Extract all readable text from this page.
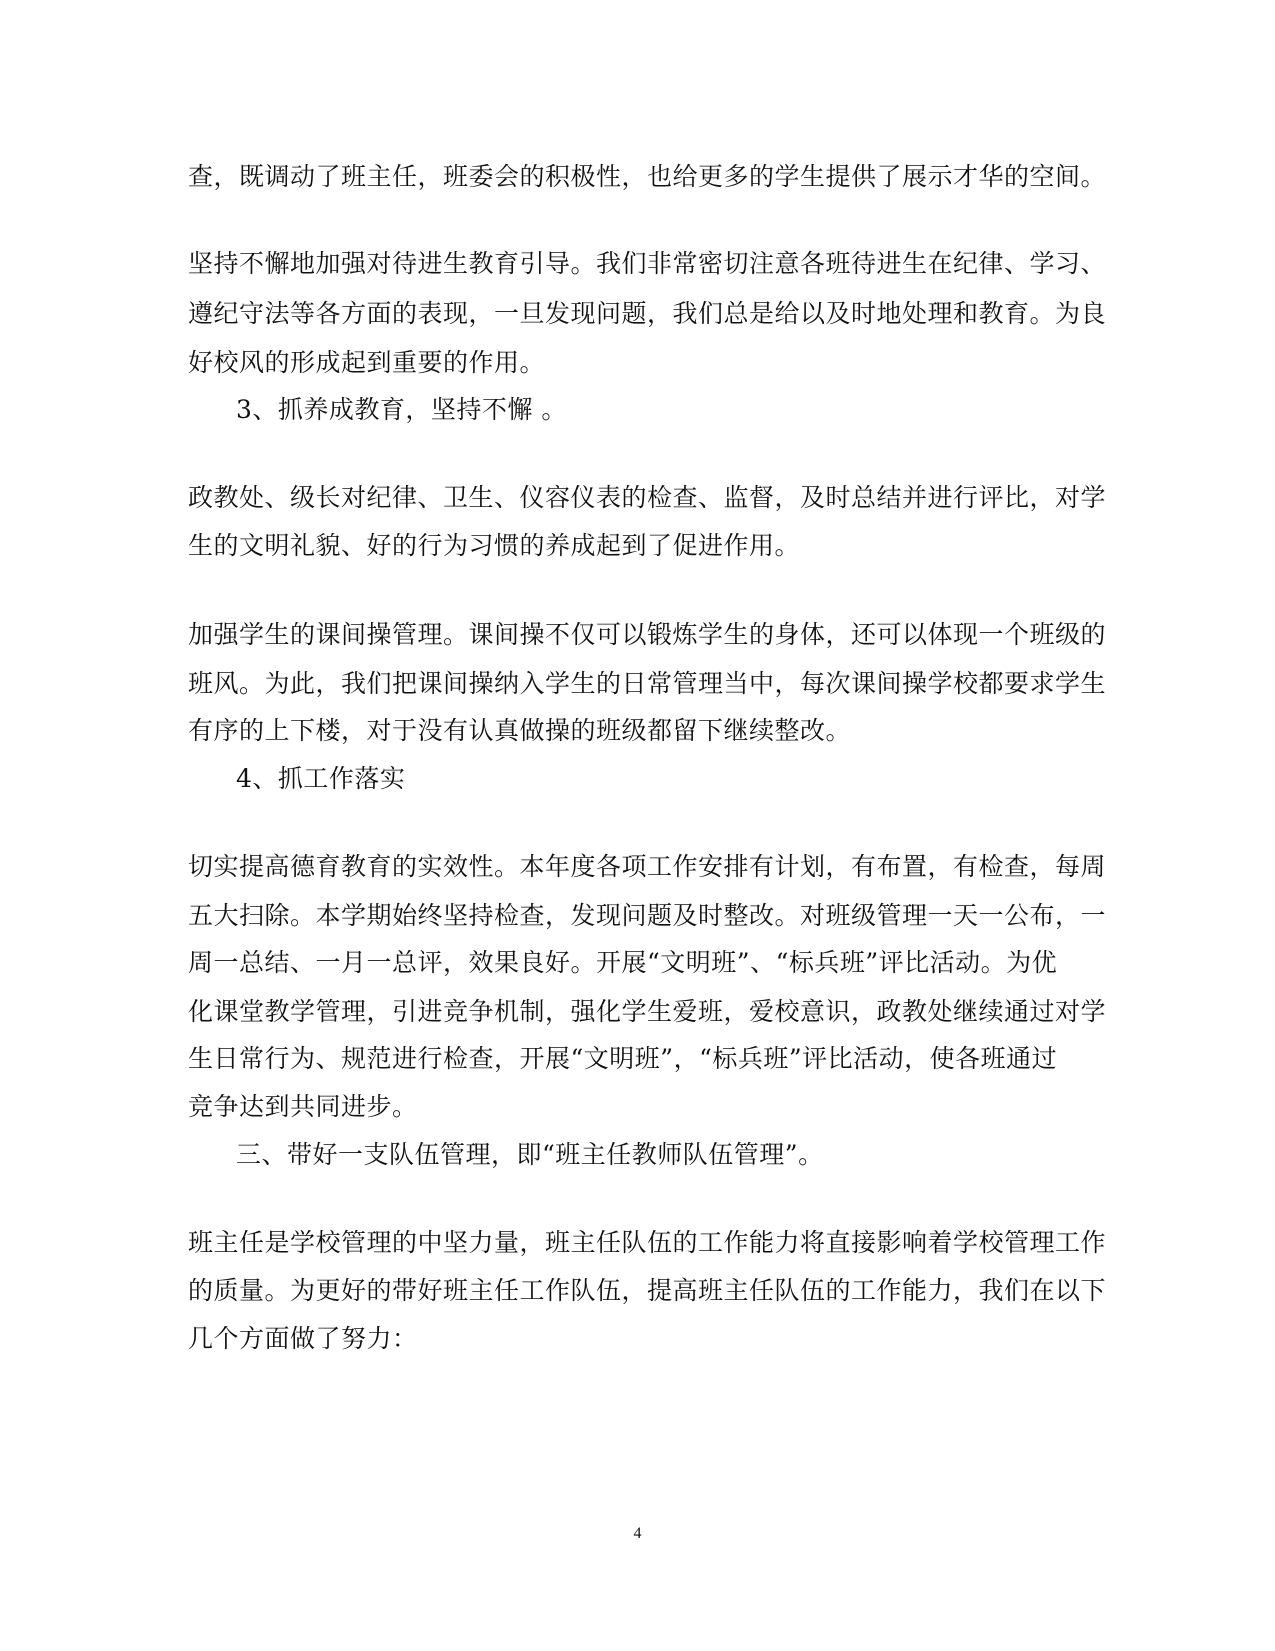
查，既调动了班主任，班委会的积极性，也给更多的学生提供了展示才华的空间。
坚持不懈地加强对待进生教育引导。我们非常密切注意各班待进生在纪律、学习、
遵纪守法等各方面的表现，一旦发现问题，我们总是给以及时地处理和教育。为良
好校风的形成起到重要的作用。
3、抓养成教育，坚持不懈 。
政教处、级长对纪律、卫生、仪容仪表的检查、监督，及时总结并进行评比，对学
生的文明礼貌、好的行为习惯的养成起到了促进作用。
加强学生的课间操管理。课间操不仅可以锻炼学生的身体，还可以体现一个班级的
班风。为此，我们把课间操纳入学生的日常管理当中，每次课间操学校都要求学生
有序的上下楼，对于没有认真做操的班级都留下继续整改。
4、抓工作落实
切实提高德育教育的实效性。本年度各项工作安排有计划，有布置，有检查，每周
五大扫除。本学期始终坚持检查，发现问题及时整改。对班级管理一天一公布，一
周一总结、一月一总评，效果良好。开展“文明班”、“标兵班”评比活动。为优
化课堂教学管理，引进竞争机制，强化学生爱班，爱校意识，政教处继续通过对学
生日常行为、规范进行检查，开展“文明班”，“标兵班”评比活动，使各班通过
竞争达到共同进步。
三、带好一支队伍管理，即“班主任教师队伍管理”。
班主任是学校管理的中坚力量，班主任队伍的工作能力将直接影响着学校管理工作
的质量。为更好的带好班主任工作队伍，提高班主任队伍的工作能力，我们在以下
几个方面做了努力：
4
